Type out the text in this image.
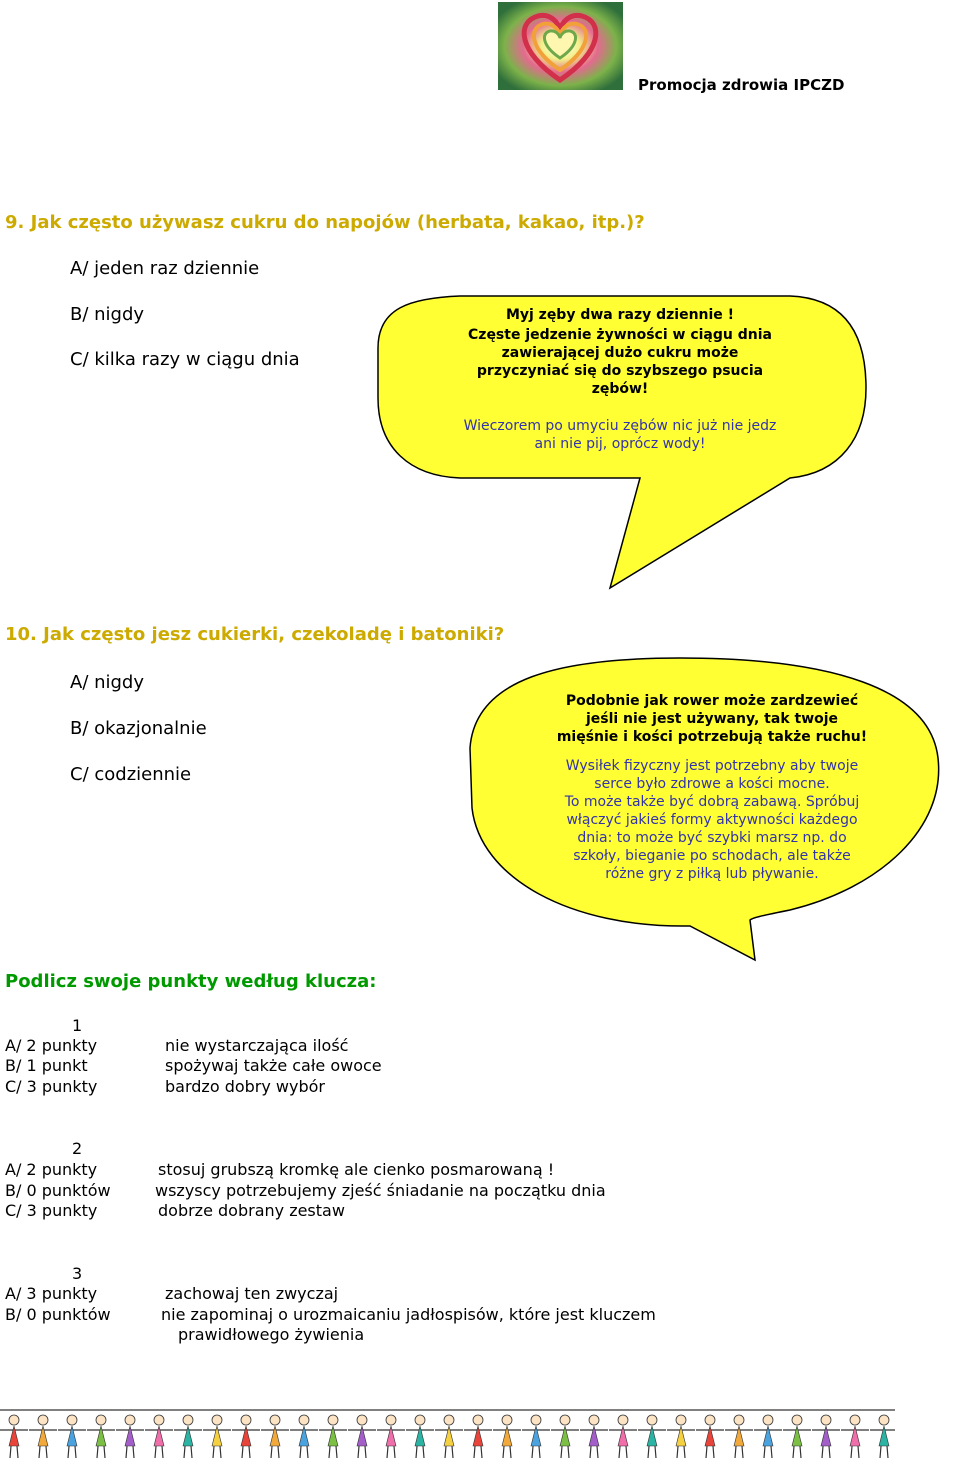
Promocja zdrowia IPCZD
9. Jak często używasz cukru do napojów (herbata, kakao, itp.)?
A/ jeden raz dziennie
B/ nigdy
C/ kilka razy w ciągu dnia
Myj zęby dwa razy dziennie !
Częste jedzenie żywności w ciągu dnia
zawierającej dużo cukru może
przyczyniać się do szybszego psucia
zębów!
Wieczorem po umyciu zębów nic już nie jedz
ani nie pij, oprócz wody!
10. Jak często jesz cukierki, czekoladę i batoniki?
A/ nigdy
B/ okazjonalnie
C/ codziennie
Podobnie jak rower może zardzewieć
jeśli nie jest używany, tak twoje
mięśnie i kości potrzebują także ruchu!
Wysiłek fizyczny jest potrzebny aby twoje
serce było zdrowe a kości mocne.
To może także być dobrą zabawą. Spróbuj
włączyć jakieś formy aktywności każdego
dnia: to może być szybki marsz np. do
szkoły, bieganie po schodach, ale także
różne gry z piłką lub pływanie.
Podlicz swoje punkty według klucza:
1
A/ 2 punkty	nie wystarczająca ilość
B/ 1 punkt	spożywaj także całe owoce
C/ 3 punkty	bardzo dobry wybór
2
A/ 2 punkty	stosuj grubszą kromkę ale cienko posmarowaną !
B/ 0 punktów	wszyscy potrzebujemy zjeść śniadanie na początku dnia
C/ 3 punkty	dobrze dobrany zestaw
3
A/ 3 punkty	zachowaj ten zwyczaj
B/ 0 punktów	nie zapominaj o urozmaicaniu jadłospisów, które jest kluczem
prawidłowego żywienia
